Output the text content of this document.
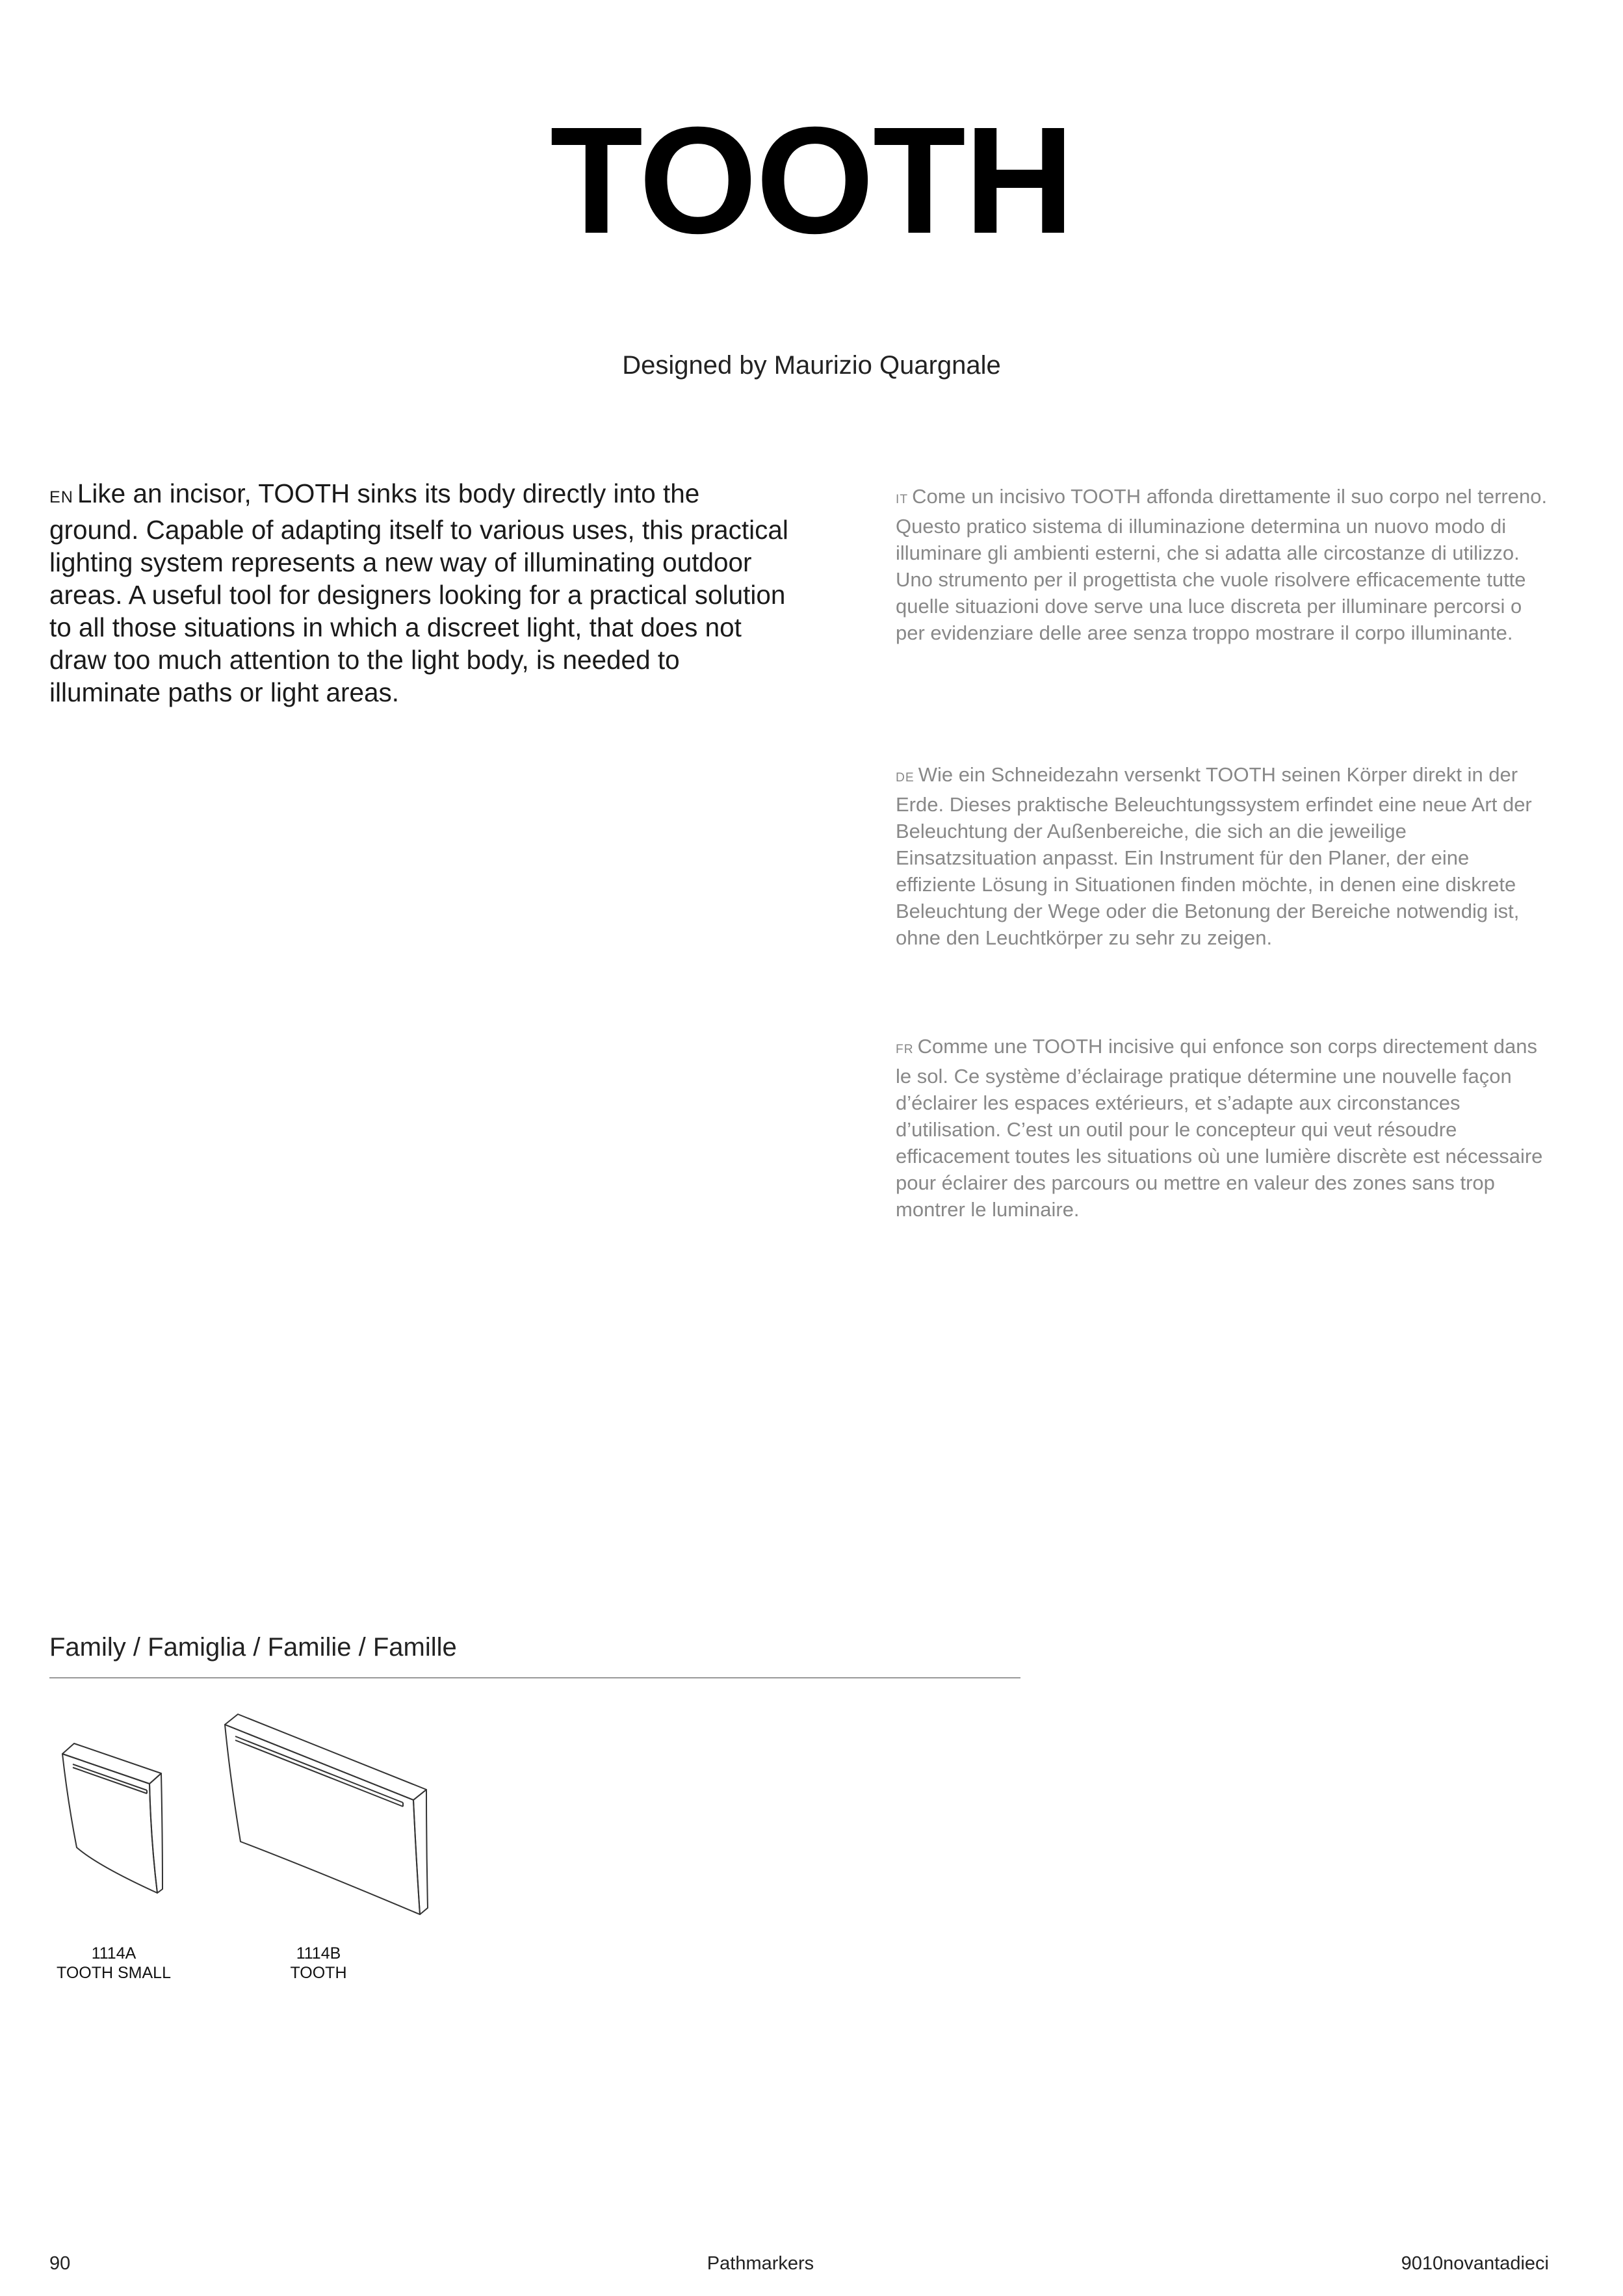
TOOTH
Designed by Maurizio Quargnale
EN Like an incisor, TOOTH sinks its body directly into the ground. Capable of adapting itself to various uses, this practical lighting system represents a new way of illuminating outdoor areas. A useful tool for designers looking for a practical solution to all those situations in which a discreet light, that does not draw too much attention to the light body, is needed to illuminate paths or light areas.
IT Come un incisivo TOOTH affonda direttamente il suo corpo nel terreno. Questo pratico sistema di illuminazione determina un nuovo modo di illuminare gli ambienti esterni, che si adatta alle circostanze di utilizzo. Uno strumento per il progettista che vuole risolvere efficacemente tutte quelle situazioni dove serve una luce discreta per illuminare percorsi o per evidenziare delle aree senza troppo mostrare il corpo illuminante.
DE Wie ein Schneidezahn versenkt TOOTH seinen Körper direkt in der Erde. Dieses praktische Beleuchtungssystem erfindet eine neue Art der Beleuchtung der Außenbereiche, die sich an die jeweilige Einsatzsituation anpasst. Ein Instrument für den Planer, der eine effiziente Lösung in Situationen finden möchte, in denen eine diskrete Beleuchtung der Wege oder die Betonung der Bereiche notwendig ist, ohne den Leuchtkörper zu sehr zu zeigen.
FR Comme une TOOTH incisive qui enfonce son corps directement dans le sol. Ce système d’éclairage pratique détermine une nouvelle façon d’éclairer les espaces extérieurs, et s’adapte aux circonstances d’utilisation. C’est un outil pour le concepteur qui veut résoudre efficacement toutes les situations où une lumière discrète est nécessaire pour éclairer des parcours ou mettre en valeur des zones sans trop montrer le luminaire.
Family / Famiglia / Familie / Famille
1114A
TOOTH SMALL
1114B
TOOTH
90	Pathmarkers	9010novantadieci
